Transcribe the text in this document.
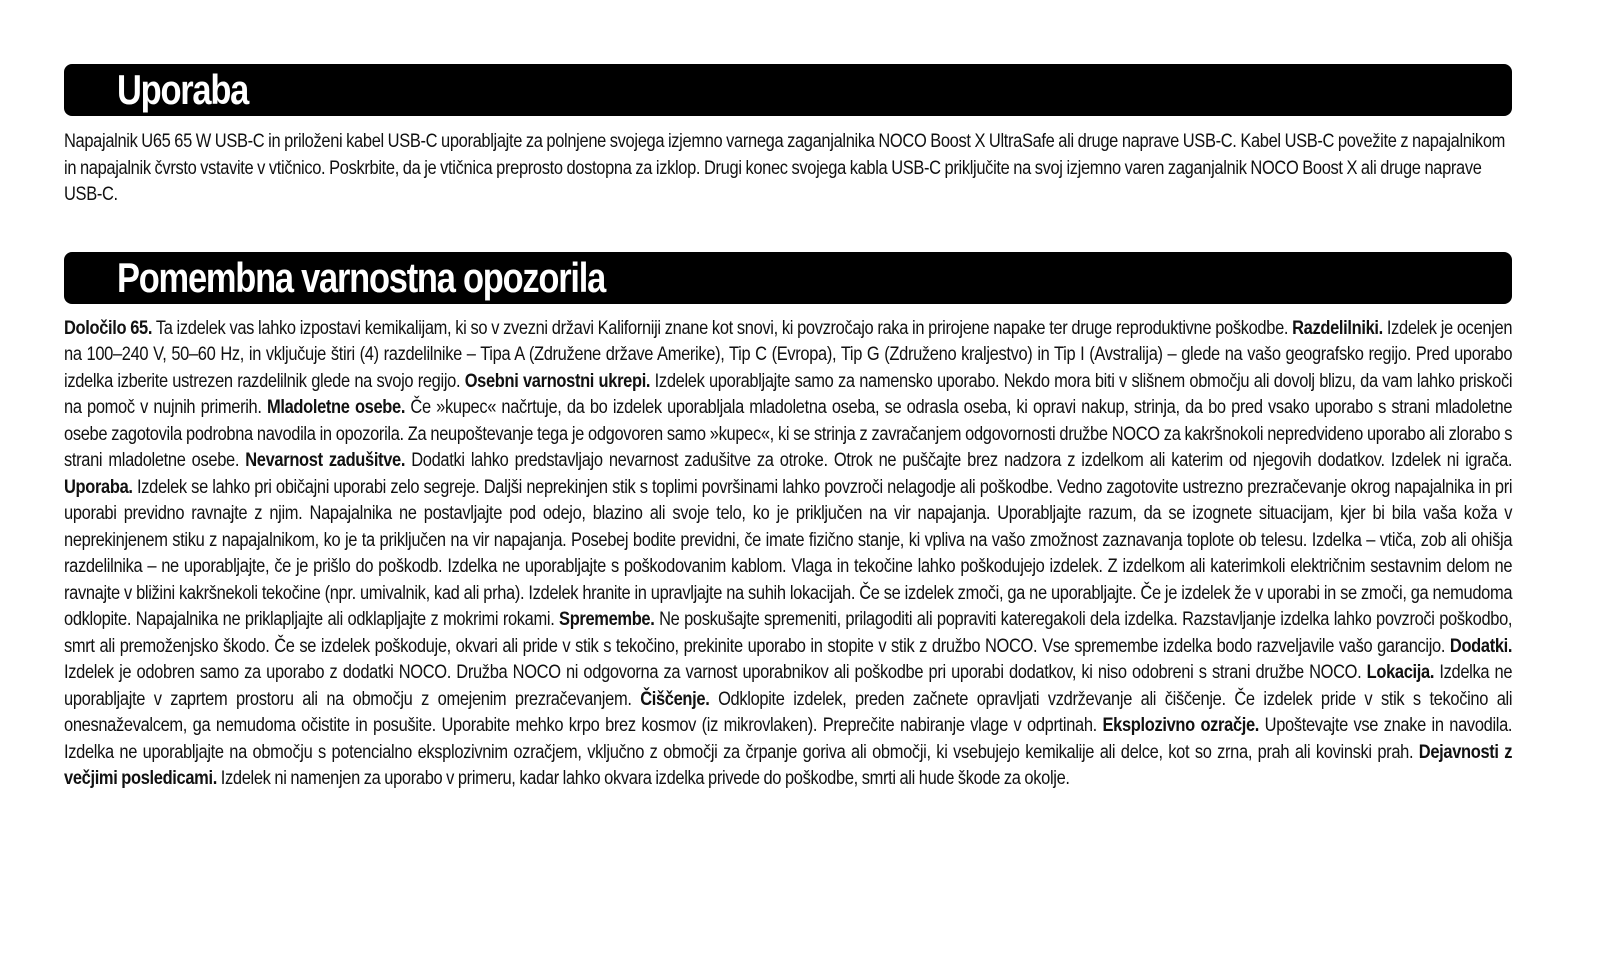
Uporaba

Napajalnik U65 65 W USB-C in priloženi kabel USB-C uporabljajte za polnjene svojega izjemno varnega zaganjalnika NOCO Boost X UltraSafe ali druge naprave USB-C. Kabel USB-C povežite z napajalnikom in napajalnik čvrsto vstavite v vtičnico. Poskrbite, da je vtičnica preprosto dostopna za izklop. Drugi konec svojega kabla USB-C priključite na svoj izjemno varen zaganjalnik NOCO Boost X ali druge naprave USB-C.

Pomembna varnostna opozorila

Določilo 65. Ta izdelek vas lahko izpostavi kemikalijam, ki so v zvezni državi Kaliforniji znane kot snovi, ki povzročajo raka in prirojene napake ter druge reproduktivne poškodbe. Razdelilniki. Izdelek je ocenjen na 100–240 V, 50–60 Hz, in vključuje štiri (4) razdelilnike – Tipa A (Združene države Amerike), Tip C (Evropa), Tip G (Združeno kraljestvo) in Tip I (Avstralija) – glede na vašo geografsko regijo. Pred uporabo izdelka izberite ustrezen razdelilnik glede na svojo regijo. Osebni varnostni ukrepi. Izdelek uporabljajte samo za namensko uporabo. Nekdo mora biti v slišnem območju ali dovolj blizu, da vam lahko priskoči na pomoč v nujnih primerih. Mladoletne osebe. Če »kupec« načrtuje, da bo izdelek uporabljala mladoletna oseba, se odrasla oseba, ki opravi nakup, strinja, da bo pred vsako uporabo s strani mladoletne osebe zagotovila podrobna navodila in opozorila. Za neupoštevanje tega je odgovoren samo »kupec«, ki se strinja z zavračanjem odgovornosti družbe NOCO za kakršnokoli nepredvideno uporabo ali zlorabo s strani mladoletne osebe. Nevarnost zadušitve. Dodatki lahko predstavljajo nevarnost zadušitve za otroke. Otrok ne puščajte brez nadzora z izdelkom ali katerim od njegovih dodatkov. Izdelek ni igrača. Uporaba. Izdelek se lahko pri običajni uporabi zelo segreje. Daljši neprekinjen stik s toplimi površinami lahko povzroči nelagodje ali poškodbe. Vedno zagotovite ustrezno prezračevanje okrog napajalnika in pri uporabi previdno ravnajte z njim. Napajalnika ne postavljajte pod odejo, blazino ali svoje telo, ko je priključen na vir napajanja. Uporabljajte razum, da se izognete situacijam, kjer bi bila vaša koža v neprekinjenem stiku z napajalnikom, ko je ta priključen na vir napajanja. Posebej bodite previdni, če imate fizično stanje, ki vpliva na vašo zmožnost zaznavanja toplote ob telesu. Izdelka – vtiča, zob ali ohišja razdelilnika – ne uporabljajte, če je prišlo do poškodb. Izdelka ne uporabljajte s poškodovanim kablom. Vlaga in tekočine lahko poškodujejo izdelek. Z izdelkom ali katerimkoli električnim sestavnim delom ne ravnajte v bližini kakršnekoli tekočine (npr. umivalnik, kad ali prha). Izdelek hranite in upravljajte na suhih lokacijah. Če se izdelek zmoči, ga ne uporabljajte. Če je izdelek že v uporabi in se zmoči, ga nemudoma odklopite. Napajalnika ne priklapljajte ali odklapljajte z mokrimi rokami. Spremembe. Ne poskušajte spremeniti, prilagoditi ali popraviti kateregakoli dela izdelka. Razstavljanje izdelka lahko povzroči poškodbo, smrt ali premoženjsko škodo. Če se izdelek poškoduje, okvari ali pride v stik s tekočino, prekinite uporabo in stopite v stik z družbo NOCO. Vse spremembe izdelka bodo razveljavile vašo garancijo. Dodatki. Izdelek je odobren samo za uporabo z dodatki NOCO. Družba NOCO ni odgovorna za varnost uporabnikov ali poškodbe pri uporabi dodatkov, ki niso odobreni s strani družbe NOCO. Lokacija. Izdelka ne uporabljajte v zaprtem prostoru ali na območju z omejenim prezračevanjem. Čiščenje. Odklopite izdelek, preden začnete opravljati vzdrževanje ali čiščenje. Če izdelek pride v stik s tekočino ali onesnaževalcem, ga nemudoma očistite in posušite. Uporabite mehko krpo brez kosmov (iz mikrovlaken). Preprečite nabiranje vlage v odprtinah. Eksplozivno ozračje. Upoštevajte vse znake in navodila. Izdelka ne uporabljajte na območju s potencialno eksplozivnim ozračjem, vključno z območji za črpanje goriva ali območji, ki vsebujejo kemikalije ali delce, kot so zrna, prah ali kovinski prah. Dejavnosti z večjimi posledicami. Izdelek ni namenjen za uporabo v primeru, kadar lahko okvara izdelka privede do poškodbe, smrti ali hude škode za okolje.
